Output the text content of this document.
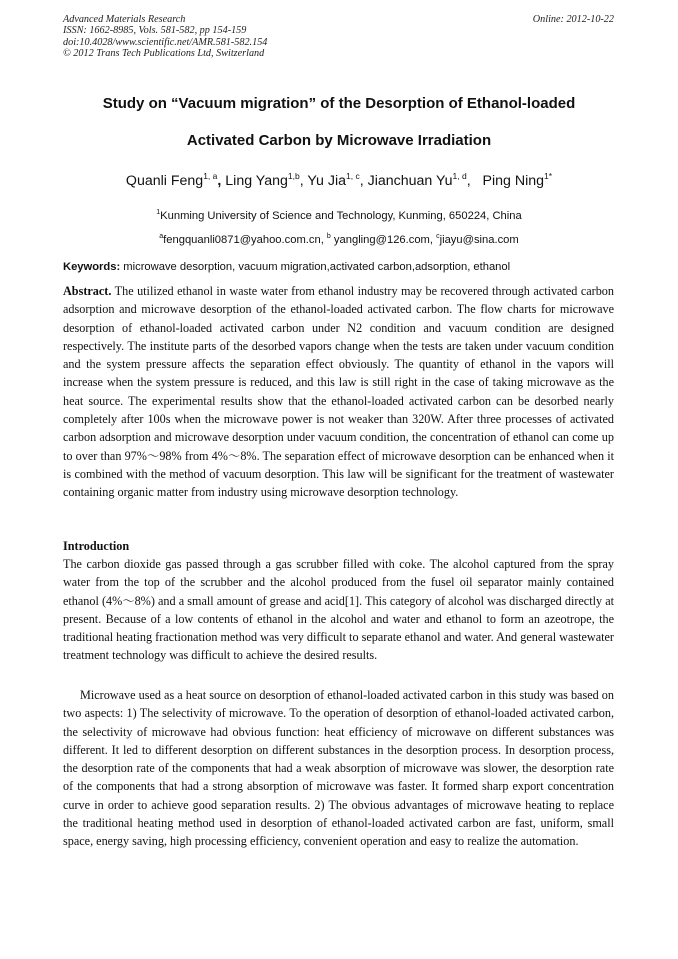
Advanced Materials Research
ISSN: 1662-8985, Vols. 581-582, pp 154-159
doi:10.4028/www.scientific.net/AMR.581-582.154
© 2012 Trans Tech Publications Ltd, Switzerland
Online: 2012-10-22
Study on “Vacuum migration” of the Desorption of Ethanol-loaded
Activated Carbon by Microwave Irradiation
Quanli Feng$^{1, a}$, Ling Yang$^{1,b}$, Yu Jia$^{1, c}$, Jianchuan Yu$^{1, d}$,   Ping Ning$^{1*}$
$^1$Kunming University of Science and Technology, Kunming, 650224, China
$^a$fengquanli0871@yahoo.com.cn, $^b$ yangling@126.com, $^c$jiayu@sina.com
Keywords: microwave desorption, vacuum migration,activated carbon,adsorption, ethanol
Abstract. The utilized ethanol in waste water from ethanol industry may be recovered through activated carbon adsorption and microwave desorption of the ethanol-loaded activated carbon. The flow charts for microwave desorption of ethanol-loaded activated carbon under N2 condition and vacuum condition are designed respectively. The institute parts of the desorbed vapors change when the tests are taken under vacuum condition and the system pressure affects the separation effect obviously. The quantity of ethanol in the vapors will increase when the system pressure is reduced, and this law is still right in the case of taking microwave as the heat source. The experimental results show that the ethanol-loaded activated carbon can be desorbed nearly completely after 100s when the microwave power is not weaker than 320W. After three processes of activated carbon adsorption and microwave desorption under vacuum condition, the concentration of ethanol can come up to over than 97%～98% from 4%～8%. The separation effect of microwave desorption can be enhanced when it is combined with the method of vacuum desorption. This law will be significant for the treatment of wastewater containing organic matter from industry using microwave desorption technology.
Introduction
The carbon dioxide gas passed through a gas scrubber filled with coke. The alcohol captured from the spray water from the top of the scrubber and the alcohol produced from the fusel oil separator mainly contained ethanol (4%～8%) and a small amount of grease and acid[1]. This category of alcohol was discharged directly at present. Because of a low contents of ethanol in the alcohol and water and ethanol to form an azeotrope, the traditional heating fractionation method was very difficult to separate ethanol and water. And general wastewater treatment technology was difficult to achieve the desired results.
Microwave used as a heat source on desorption of ethanol-loaded activated carbon in this study was based on two aspects: 1) The selectivity of microwave. To the operation of desorption of ethanol-loaded activated carbon, the selectivity of microwave had obvious function: heat efficiency of microwave on different substances was different. It led to different desorption on different substances in the desorption process. In desorption process, the desorption rate of the components that had a weak absorption of microwave was slower, the desorption rate of the components that had a strong absorption of microwave was faster. It formed sharp export concentration curve in order to achieve good separation results. 2) The obvious advantages of microwave heating to replace the traditional heating method used in desorption of ethanol-loaded activated carbon are fast, uniform, small space, energy saving, high processing efficiency, convenient operation and easy to realize the automation.
